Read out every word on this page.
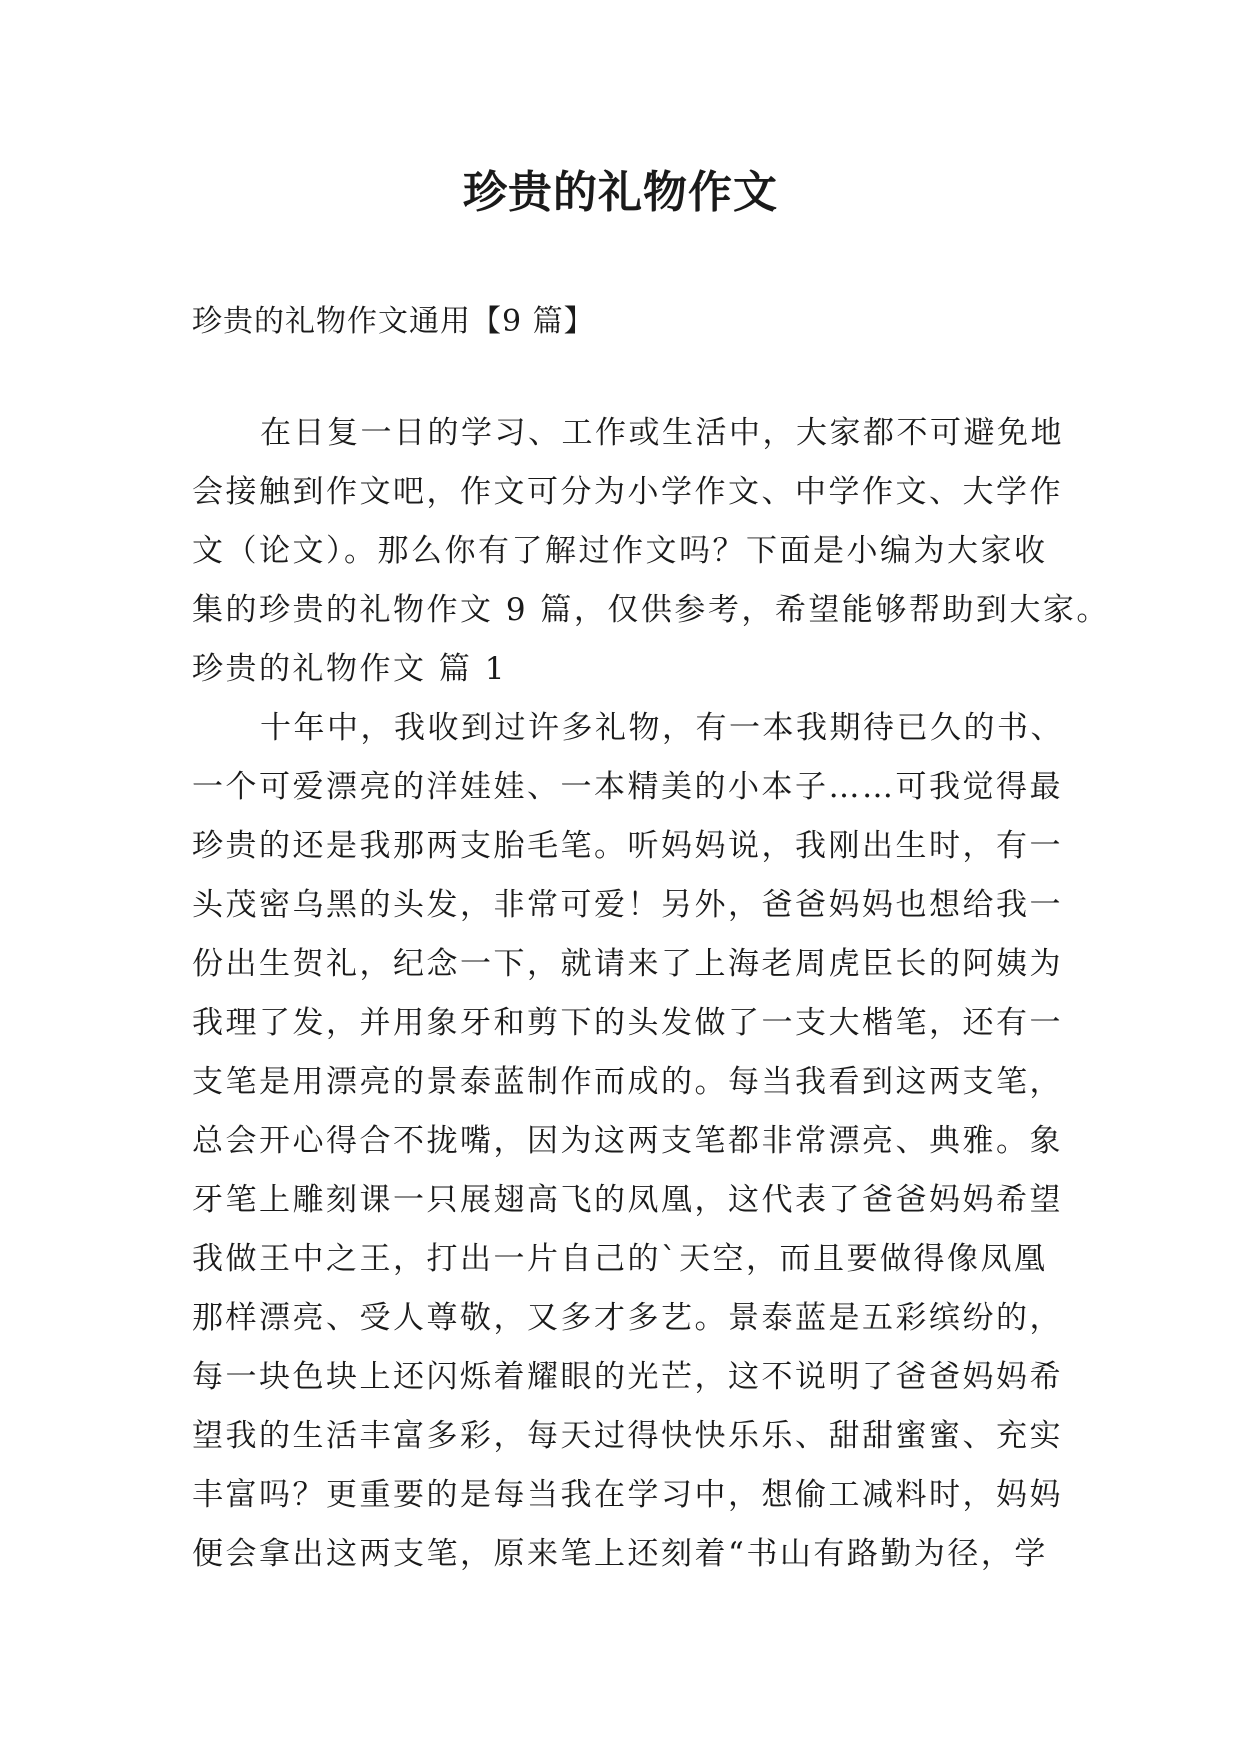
珍贵的礼物作文

珍贵的礼物作文通用【9 篇】

在日复一日的学习、工作或生活中，大家都不可避免地
会接触到作文吧，作文可分为小学作文、中学作文、大学作
文（论文）。那么你有了解过作文吗？下面是小编为大家收
集的珍贵的礼物作文 9 篇，仅供参考，希望能够帮助到大家。
珍贵的礼物作文 篇 1
十年中，我收到过许多礼物，有一本我期待已久的书、
一个可爱漂亮的洋娃娃、一本精美的小本子……可我觉得最
珍贵的还是我那两支胎毛笔。听妈妈说，我刚出生时，有一
头茂密乌黑的头发，非常可爱！另外，爸爸妈妈也想给我一
份出生贺礼，纪念一下，就请来了上海老周虎臣长的阿姨为
我理了发，并用象牙和剪下的头发做了一支大楷笔，还有一
支笔是用漂亮的景泰蓝制作而成的。每当我看到这两支笔，
总会开心得合不拢嘴，因为这两支笔都非常漂亮、典雅。象
牙笔上雕刻课一只展翅高飞的凤凰，这代表了爸爸妈妈希望
我做王中之王，打出一片自己的`天空，而且要做得像凤凰
那样漂亮、受人尊敬，又多才多艺。景泰蓝是五彩缤纷的，
每一块色块上还闪烁着耀眼的光芒，这不说明了爸爸妈妈希
望我的生活丰富多彩，每天过得快快乐乐、甜甜蜜蜜、充实
丰富吗？更重要的是每当我在学习中，想偷工减料时，妈妈
便会拿出这两支笔，原来笔上还刻着“书山有路勤为径，学
